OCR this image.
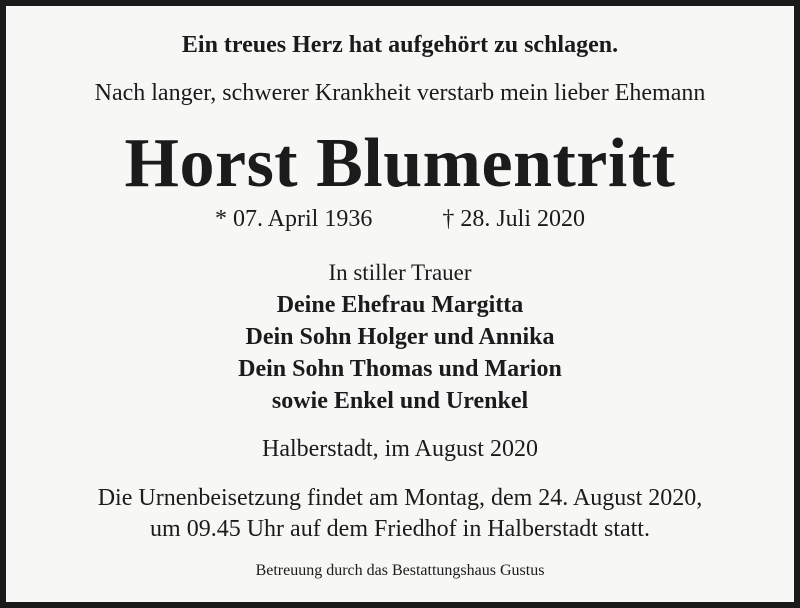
Ein treues Herz hat aufgehört zu schlagen.
Nach langer, schwerer Krankheit verstarb mein lieber Ehemann
Horst Blumentritt
* 07. April 1936	† 28. Juli 2020
In stiller Trauer
Deine Ehefrau Margitta
Dein Sohn Holger und Annika
Dein Sohn Thomas und Marion
sowie Enkel und Urenkel
Halberstadt, im August 2020
Die Urnenbeisetzung findet am Montag, dem 24. August 2020,
um 09.45 Uhr auf dem Friedhof in Halberstadt statt.
Betreuung durch das Bestattungshaus Gustus
